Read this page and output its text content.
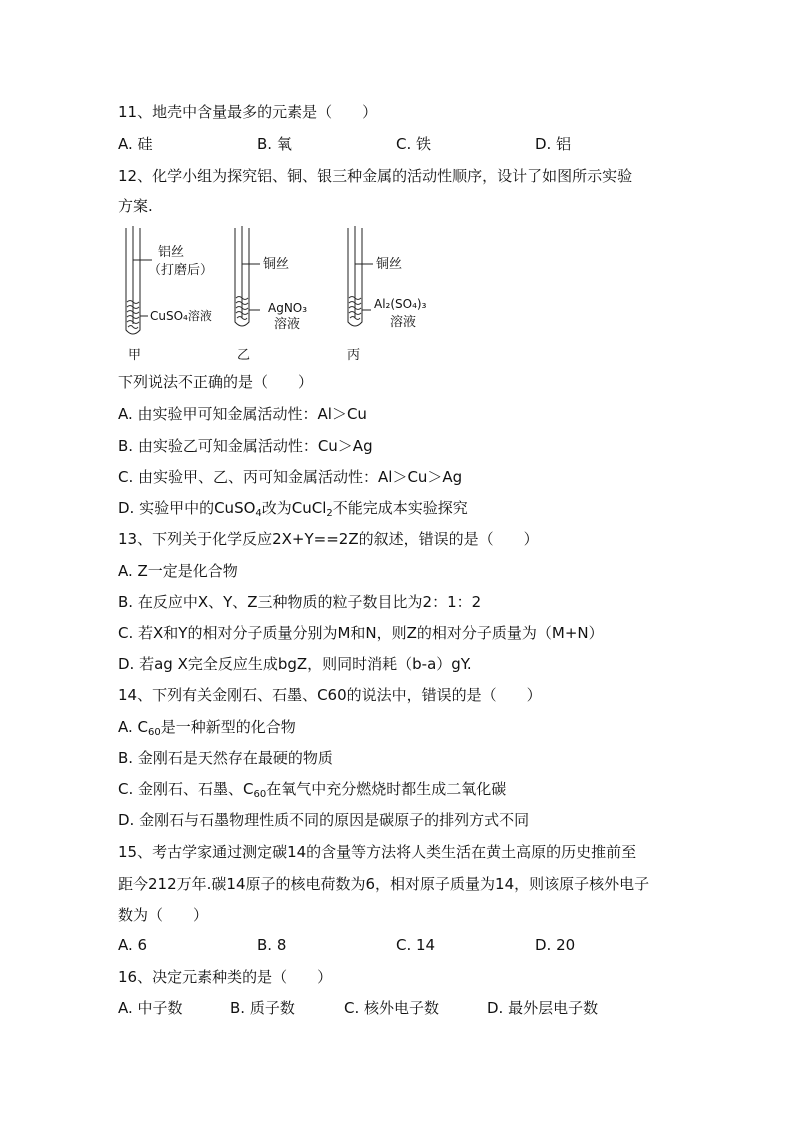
11、地壳中含量最多的元素是（　　）
A. 硅	B. 氧	C. 铁	D. 铝
12、化学小组为探究铝、铜、银三种金属的活动性顺序，设计了如图所示实验
方案.
铝丝
（打磨后）
CuSO₄溶液
甲
铜丝
AgNO₃
溶液
乙
铜丝
Al₂(SO₄)₃
溶液
丙
下列说法不正确的是（　　）
A. 由实验甲可知金属活动性：Al＞Cu
B. 由实验乙可知金属活动性：Cu＞Ag
C. 由实验甲、乙、丙可知金属活动性：Al＞Cu＞Ag
D. 实验甲中的CuSO$_4$改为CuCl$_2$不能完成本实验探究
13、下列关于化学反应2X+Y==2Z的叙述，错误的是（　　）
A. Z一定是化合物
B. 在反应中X、Y、Z三种物质的粒子数目比为2：1：2
C. 若X和Y的相对分子质量分别为M和N，则Z的相对分子质量为（M+N）
D. 若ag X完全反应生成bgZ，则同时消耗（b-a）gY.
14、下列有关金刚石、石墨、C60的说法中，错误的是（　　）
A. $C_{60}$是一种新型的化合物
B. 金刚石是天然存在最硬的物质
C. 金刚石、石墨、$C_{60}$在氧气中充分燃烧时都生成二氧化碳
D. 金刚石与石墨物理性质不同的原因是碳原子的排列方式不同
15、考古学家通过测定碳14的含量等方法将人类生活在黄土高原的历史推前至
距今212万年.碳14原子的核电荷数为6，相对原子质量为14，则该原子核外电子
数为（　　）
A. 6	B. 8	C. 14	D. 20
16、决定元素种类的是（　　）
A. 中子数	B. 质子数	C. 核外电子数	D. 最外层电子数
